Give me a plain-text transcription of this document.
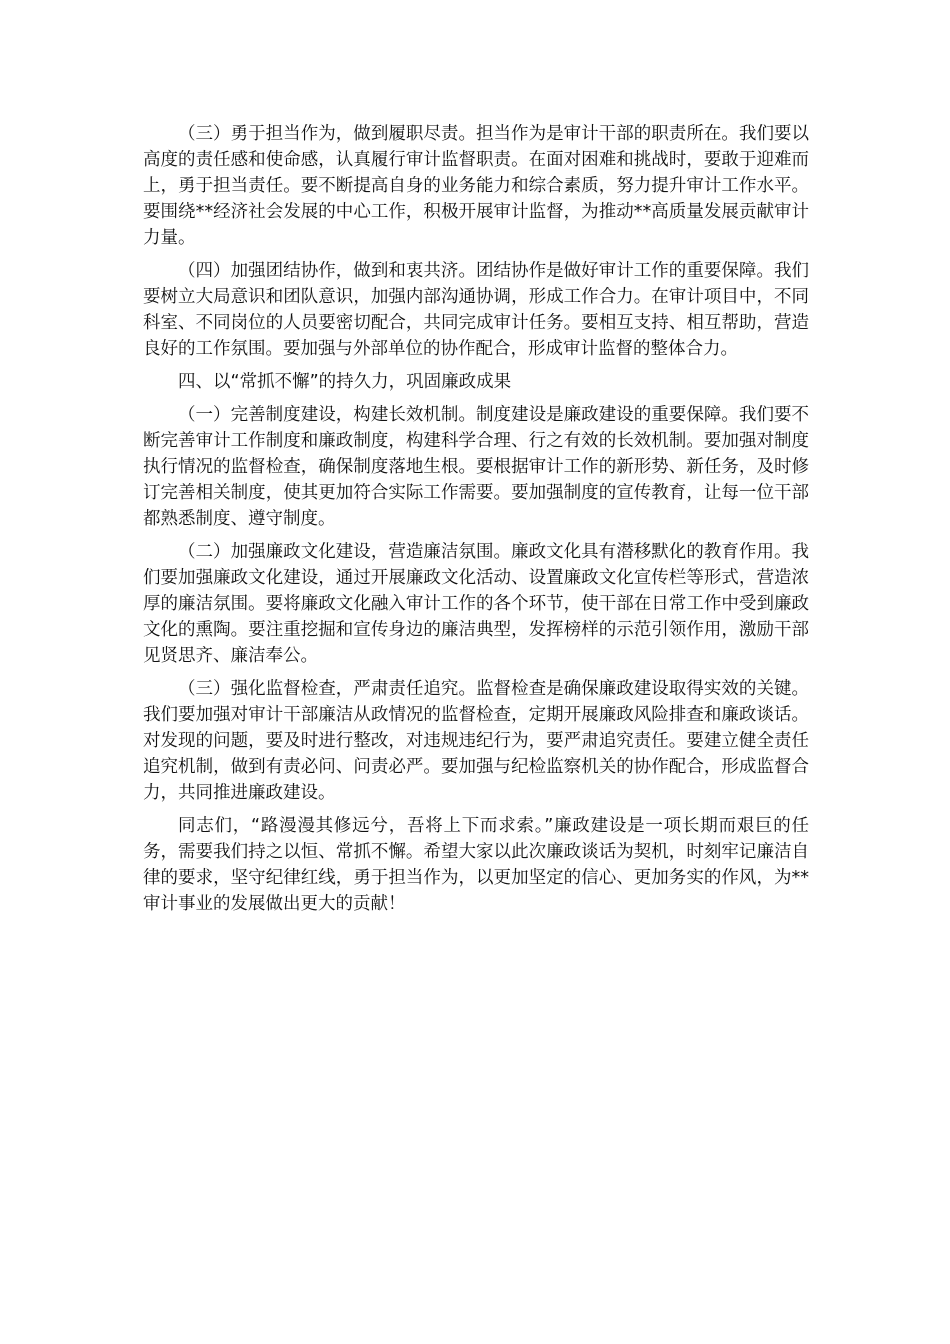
（三）勇于担当作为，做到履职尽责。担当作为是审计干部的职责所在。我们要以高度的责任感和使命感，认真履行审计监督职责。在面对困难和挑战时，要敢于迎难而上，勇于担当责任。要不断提高自身的业务能力和综合素质，努力提升审计工作水平。要围绕**经济社会发展的中心工作，积极开展审计监督，为推动**高质量发展贡献审计力量。

（四）加强团结协作，做到和衷共济。团结协作是做好审计工作的重要保障。我们要树立大局意识和团队意识，加强内部沟通协调，形成工作合力。在审计项目中，不同科室、不同岗位的人员要密切配合，共同完成审计任务。要相互支持、相互帮助，营造良好的工作氛围。要加强与外部单位的协作配合，形成审计监督的整体合力。

四、以“常抓不懈”的持久力，巩固廉政成果

（一）完善制度建设，构建长效机制。制度建设是廉政建设的重要保障。我们要不断完善审计工作制度和廉政制度，构建科学合理、行之有效的长效机制。要加强对制度执行情况的监督检查，确保制度落地生根。要根据审计工作的新形势、新任务，及时修订完善相关制度，使其更加符合实际工作需要。要加强制度的宣传教育，让每一位干部都熟悉制度、遵守制度。

（二）加强廉政文化建设，营造廉洁氛围。廉政文化具有潜移默化的教育作用。我们要加强廉政文化建设，通过开展廉政文化活动、设置廉政文化宣传栏等形式，营造浓厚的廉洁氛围。要将廉政文化融入审计工作的各个环节，使干部在日常工作中受到廉政文化的熏陶。要注重挖掘和宣传身边的廉洁典型，发挥榜样的示范引领作用，激励干部见贤思齐、廉洁奉公。

（三）强化监督检查，严肃责任追究。监督检查是确保廉政建设取得实效的关键。我们要加强对审计干部廉洁从政情况的监督检查，定期开展廉政风险排查和廉政谈话。对发现的问题，要及时进行整改，对违规违纪行为，要严肃追究责任。要建立健全责任追究机制，做到有责必问、问责必严。要加强与纪检监察机关的协作配合，形成监督合力，共同推进廉政建设。

同志们，“路漫漫其修远兮，吾将上下而求索。”廉政建设是一项长期而艰巨的任务，需要我们持之以恒、常抓不懈。希望大家以此次廉政谈话为契机，时刻牢记廉洁自律的要求，坚守纪律红线，勇于担当作为，以更加坚定的信心、更加务实的作风，为**审计事业的发展做出更大的贡献！
